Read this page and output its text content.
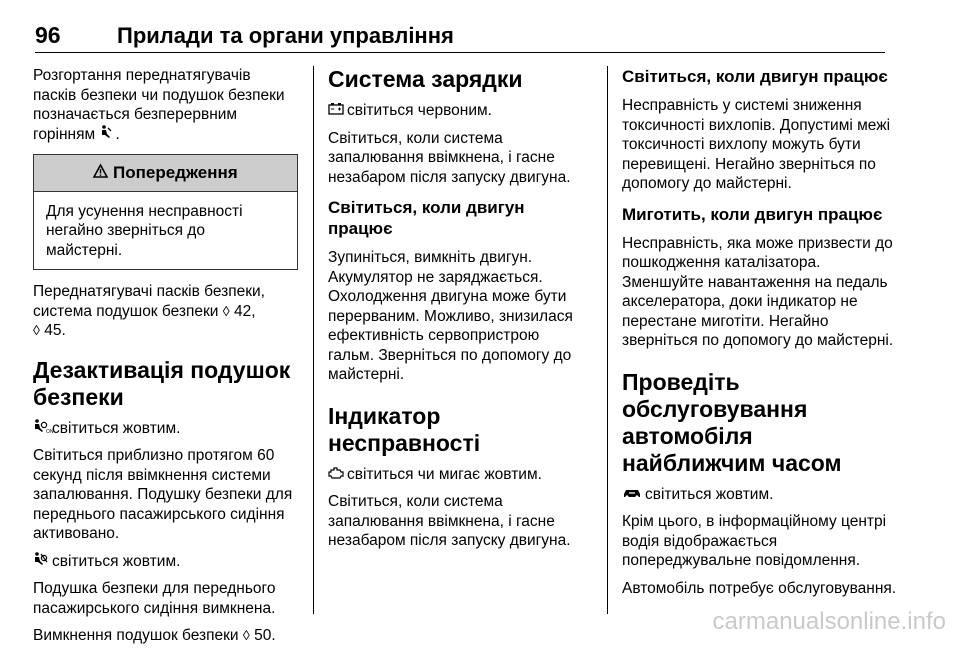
96	Прилади та органи управління

Розгортання переднатягувачів пасків безпеки чи подушок безпеки позначається безперервним горінням .

Попередження
Для усунення несправності негайно зверніться до майстерні.

Переднатягувачі пасків безпеки, система подушок безпеки ◊ 42,
◊ 45.

Дезактивація подушок безпеки

ON
світиться жовтим.

Світиться приблизно протягом 60 секунд після ввімкнення системи запалювання. Подушку безпеки для переднього пасажирського сидіння активовано.

світиться жовтим.

Подушка безпеки для переднього пасажирського сидіння вимкнена.

Вимкнення подушок безпеки ◊ 50.

Система зарядки

світиться червоним.

Світиться, коли система запалювання ввімкнена, і гасне незабаром після запуску двигуна.

Світиться, коли двигун працює

Зупиніться, вимкніть двигун. Акумулятор не заряджається. Охолодження двигуна може бути перерваним. Можливо, знизилася ефективність сервопристрою гальм. Зверніться по допомогу до майстерні.

Індикатор несправності

світиться чи мигає жовтим.

Світиться, коли система запалювання ввімкнена, і гасне незабаром після запуску двигуна.

Світиться, коли двигун працює

Несправність у системі зниження токсичності вихлопів. Допустимі межі токсичності вихлопу можуть бути перевищені. Негайно зверніться по допомогу до майстерні.

Миготить, коли двигун працює

Несправність, яка може призвести до пошкодження каталізатора. Зменшуйте навантаження на педаль акселератора, доки індикатор не перестане миготіти. Негайно зверніться по допомогу до майстерні.

Проведіть обслуговування автомобіля найближчим часом

світиться жовтим.

Крім цього, в інформаційному центрі водія відображається попереджувальне повідомлення.

Автомобіль потребує обслуговування.

carmanualsonline.info
